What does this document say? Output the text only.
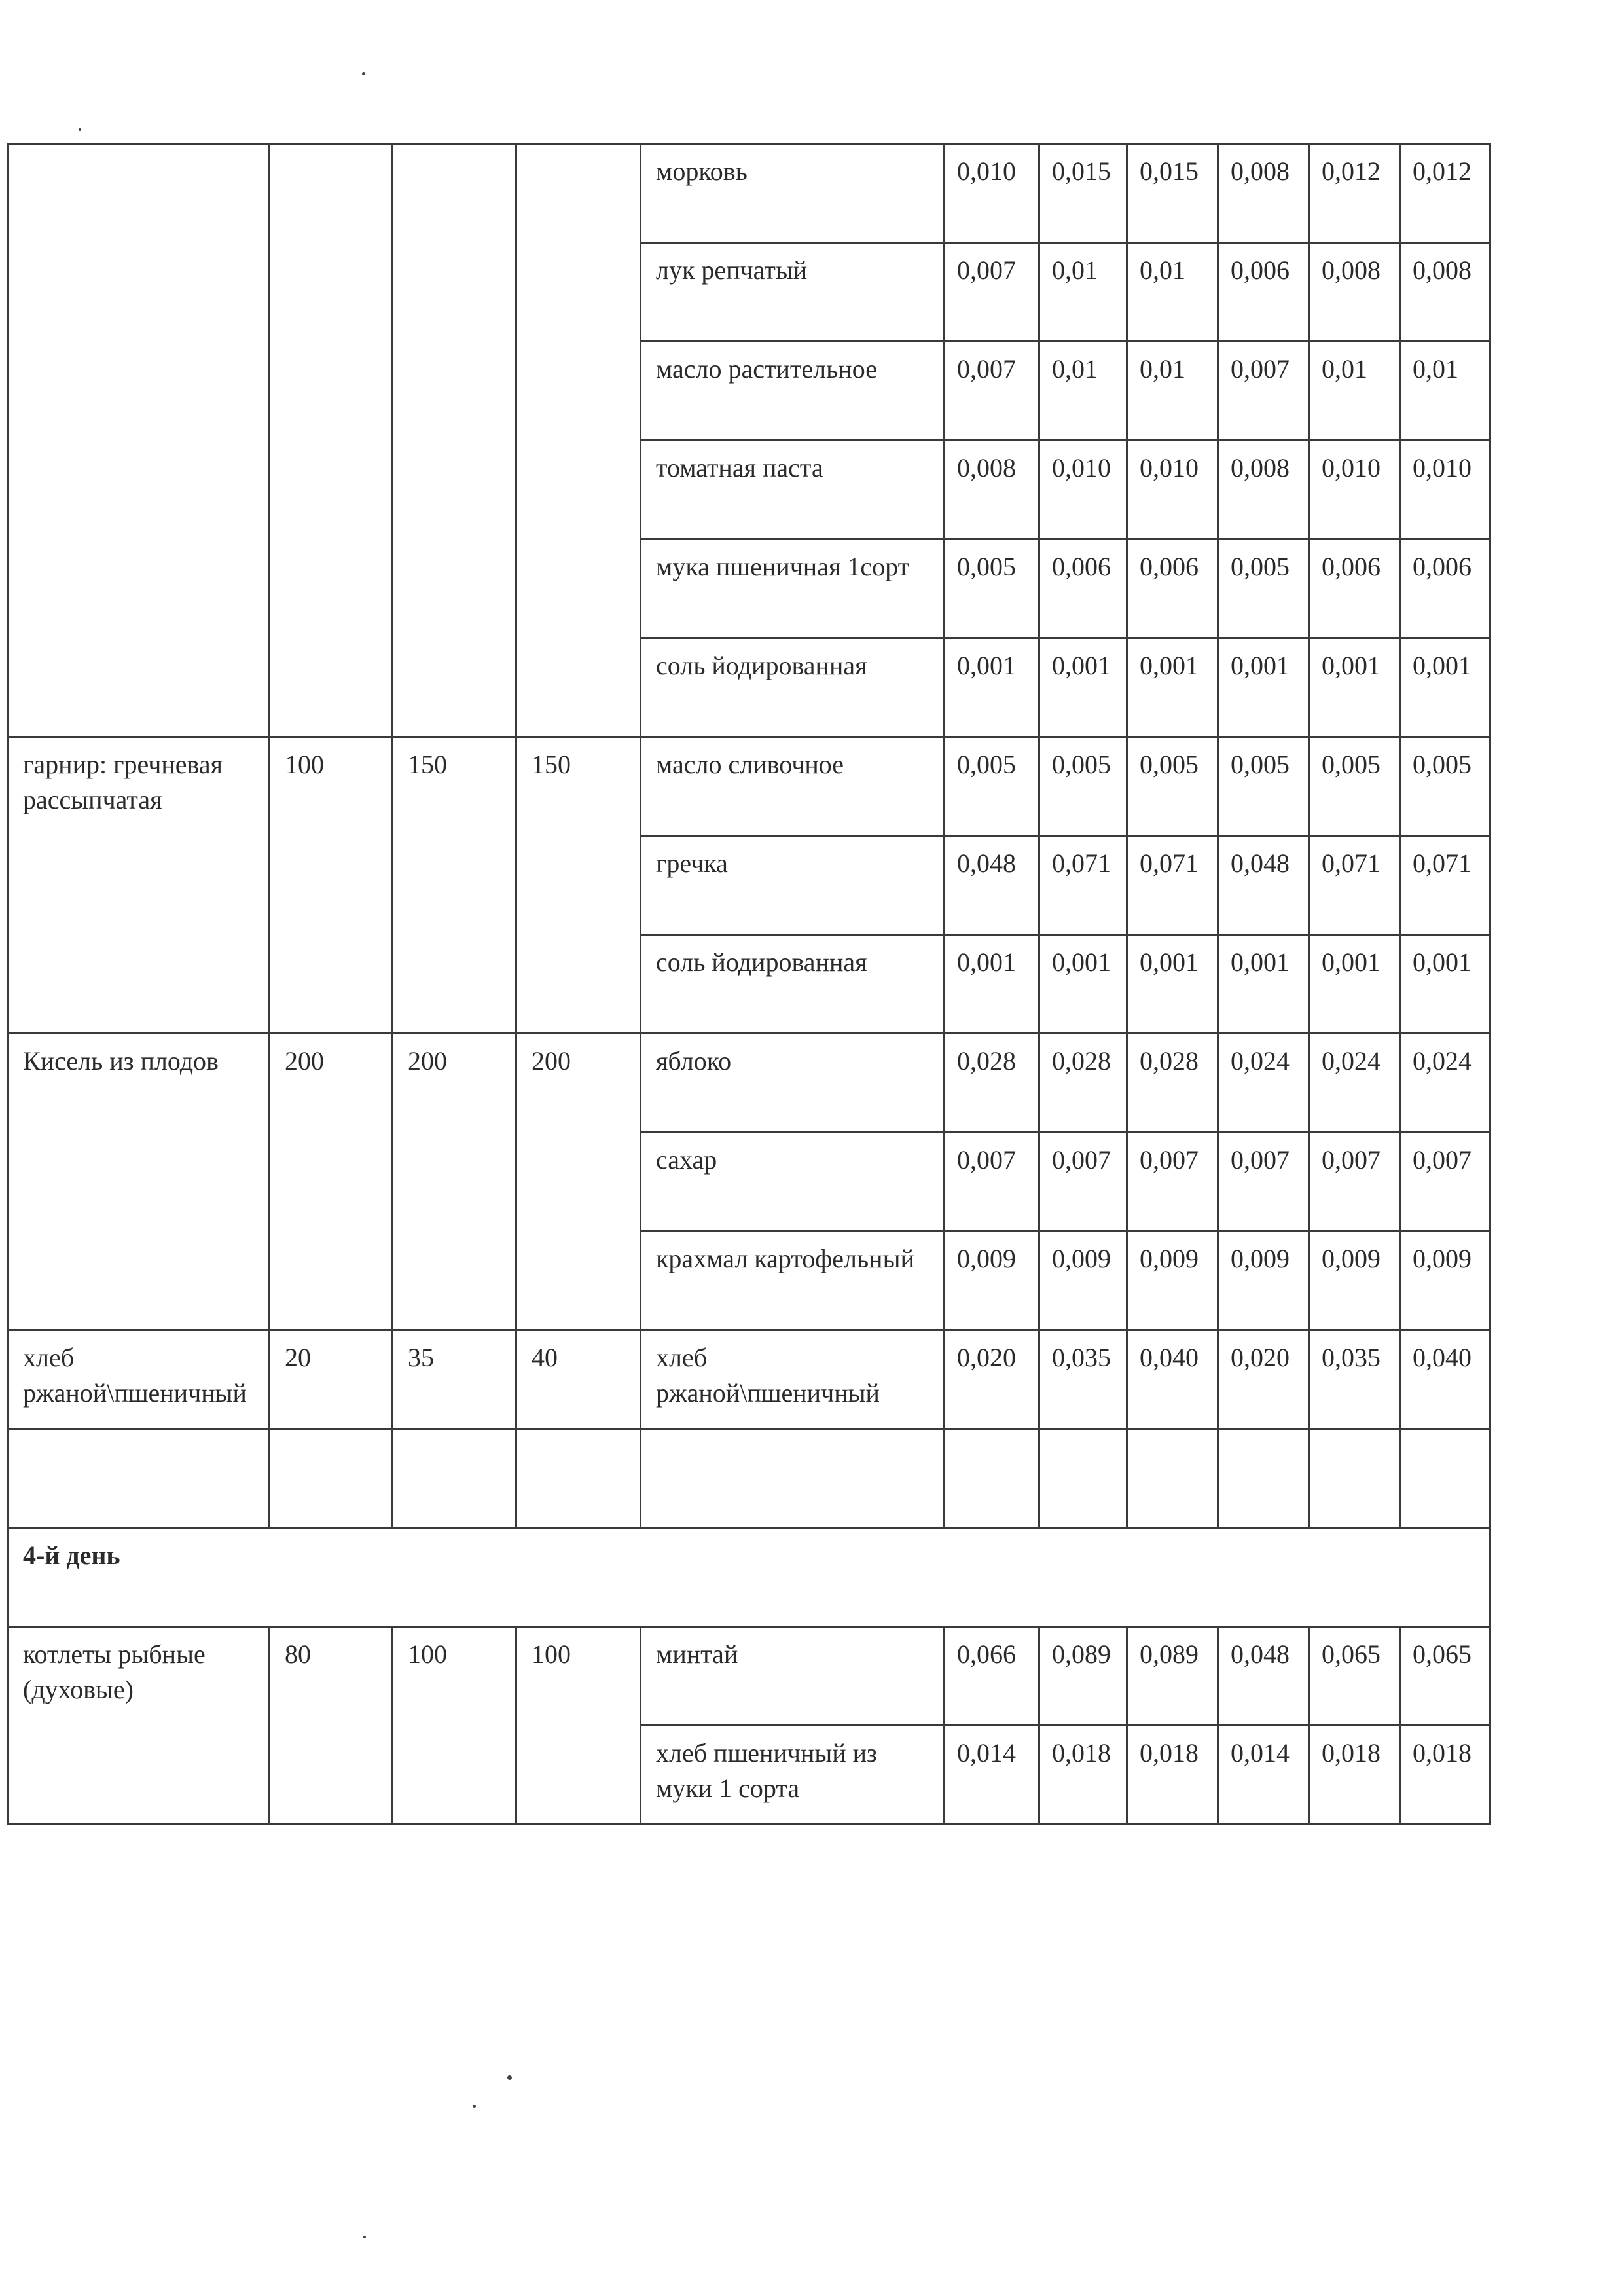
				морковь	0,010	0,015	0,015	0,008	0,012	0,012
				лук репчатый	0,007	0,01	0,01	0,006	0,008	0,008
				масло растительное	0,007	0,01	0,01	0,007	0,01	0,01
				томатная паста	0,008	0,010	0,010	0,008	0,010	0,010
				мука пшеничная 1сорт	0,005	0,006	0,006	0,005	0,006	0,006
				соль йодированная	0,001	0,001	0,001	0,001	0,001	0,001
гарнир: гречневая рассыпчатая	100	150	150	масло сливочное	0,005	0,005	0,005	0,005	0,005	0,005
				гречка	0,048	0,071	0,071	0,048	0,071	0,071
				соль йодированная	0,001	0,001	0,001	0,001	0,001	0,001
Кисель из плодов	200	200	200	яблоко	0,028	0,028	0,028	0,024	0,024	0,024
				сахар	0,007	0,007	0,007	0,007	0,007	0,007
				крахмал картофельный	0,009	0,009	0,009	0,009	0,009	0,009
хлеб ржаной\пшеничный	20	35	40	хлеб ржаной\пшеничный	0,020	0,035	0,040	0,020	0,035	0,040

4-й день										
котлеты рыбные (духовые)	80	100	100	минтай	0,066	0,089	0,089	0,048	0,065	0,065
				хлеб пшеничный из муки 1 сорта	0,014	0,018	0,018	0,014	0,018	0,018
